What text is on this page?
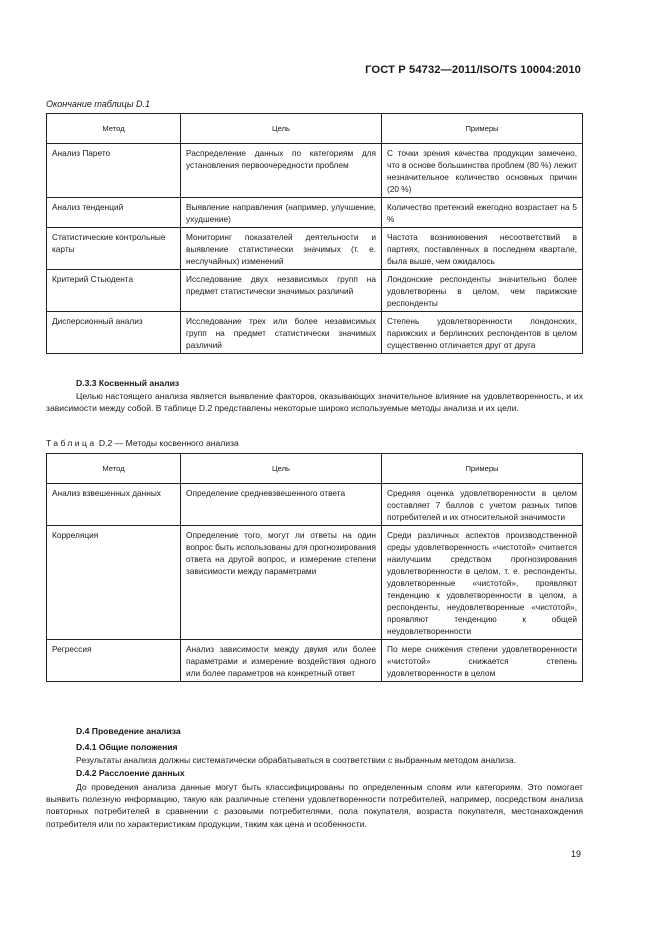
ГОСТ Р 54732—2011/ISO/TS 10004:2010
Окончание таблицы D.1
Метод	Цель	Примеры
Анализ Парето	Распределение данных по категориям для установления первоочередности проблем	С точки зрения качества продукции замечено, что в основе большинства проблем (80 %) лежит незначительное количество основных причин (20 %)
Анализ тенденций	Выявление направления (например, улучшение, ухудшение)	Количество претензий ежегодно возрастает на 5 %
Статистические контрольные карты	Мониторинг показателей деятельности и выявление статистически значимых (т. е. неслучайных) изменений	Частота возникновения несоответствий в партиях, поставленных в последнем квартале, была выше, чем ожидалось
Критерий Стьюдента	Исследование двух независимых групп на предмет статистически значимых различий	Лондонские респонденты значительно более удовлетворены в целом, чем парижские респонденты
Дисперсионный анализ	Исследование трех или более независимых групп на предмет статистически значимых различий	Степень удовлетворенности лондонских, парижских и берлинских респондентов в целом существенно отличается друг от друга
D.3.3 Косвенный анализ

Целью настоящего анализа является выявление факторов, оказывающих значительное влияние на удовлетворенность, и их зависимости между собой. В таблице D.2 представлены некоторые широко используемые методы анализа и их цели.

Таблица D.2 — Методы косвенного анализа
Метод	Цель	Примеры
Анализ взвешенных данных	Определение средневзвешенного ответа	Средняя оценка удовлетворенности в целом составляет 7 баллов с учетом разных типов потребителей и их относительной значимости
Корреляция	Определение того, могут ли ответы на один вопрос быть использованы для прогнозирования ответа на другой вопрос, и измерение степени зависимости между параметрами	Среди различных аспектов производственной среды удовлетворенность «чистотой» считается наилучшим средством прогнозирования удовлетворенности в целом, т. е. респонденты, удовлетворенные «чистотой», проявляют тенденцию к удовлетворенности в целом, а респонденты, неудовлетворенные «чистотой», проявляют тенденцию к общей неудовлетворенности
Регрессия	Анализ зависимости между двумя или более параметрами и измерение воздействия одного или более параметров на конкретный ответ	По мере снижения степени удовлетворенности «чистотой» снижается степень удовлетворенности в целом
D.4 Проведение анализа
D.4.1 Общие положения

Результаты анализа должны систематически обрабатываться в соответствии с выбранным методом анализа.

D.4.2 Расслоение данных

До проведения анализа данные могут быть классифицированы по определенным слоям или категориям. Это помогает выявить полезную информацию, такую как различные степени удовлетворенности потребителей, например, посредством анализа повторных потребителей в сравнении с разовыми потребителями, пола покупателя, возраста покупателя, местонахождения потребителя или по характеристикам продукции, таким как цена и особенности.

19
